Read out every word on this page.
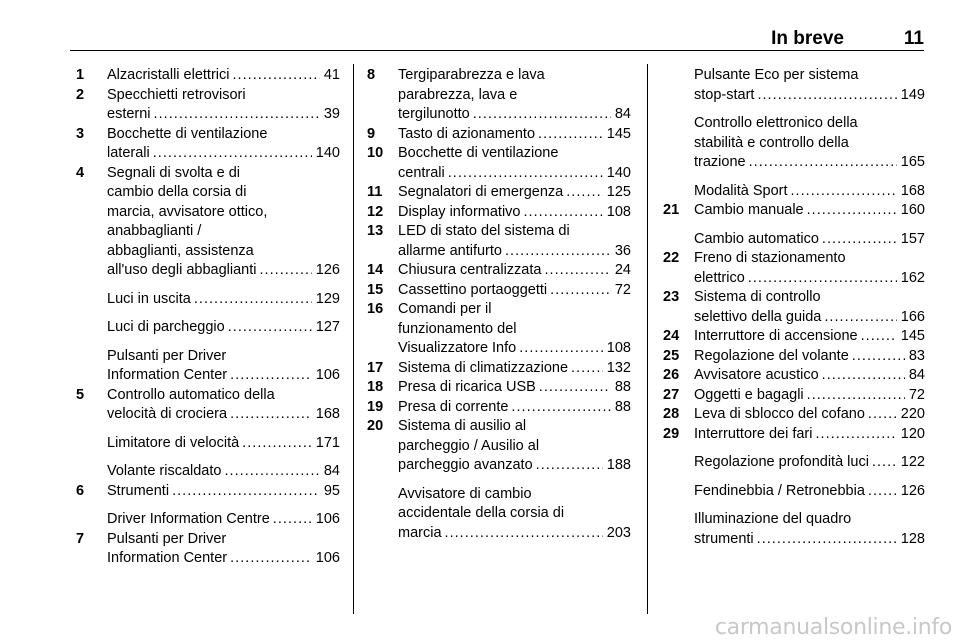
In breve	11
1 Alzacristalli elettrici . . .	41
2 Specchietti retrovisori
esterni . . .	39
3 Bocchette di ventilazione
laterali . . .	140
4 Segnali di svolta e di
cambio della corsia di
marcia, avvisatore ottico,
anabbaglianti /
abbaglianti, assistenza
all'uso degli abbaglianti . . .	126
Luci in uscita . . .	129
Luci di parcheggio . . .	127
Pulsanti per Driver
Information Center . . .	106
5 Controllo automatico della
velocità di crociera . . .	168
Limitatore di velocità . . .	171
Volante riscaldato . . .	84
6 Strumenti . . .	95
Driver Information Centre . . .	106
7 Pulsanti per Driver
Information Center . . .	106
8 Tergiparabrezza e lava
parabrezza, lava e
tergilunotto . . .	84
9 Tasto di azionamento . . .	145
10 Bocchette di ventilazione
centrali . . .	140
11 Segnalatori di emergenza . . .	125
12 Display informativo . . .	108
13 LED di stato del sistema di
allarme antifurto . . .	36
14 Chiusura centralizzata . . .	24
15 Cassettino portaoggetti . . .	72
16 Comandi per il
funzionamento del
Visualizzatore Info . . .	108
17 Sistema di climatizzazione . . .	132
18 Presa di ricarica USB . . .	88
19 Presa di corrente . . .	88
20 Sistema di ausilio al
parcheggio / Ausilio al
parcheggio avanzato . . .	188
Avvisatore di cambio
accidentale della corsia di
marcia . . .	203
Pulsante Eco per sistema
stop-start . . .	149
Controllo elettronico della
stabilità e controllo della
trazione . . .	165
Modalità Sport . . .	168
21 Cambio manuale . . .	160
Cambio automatico . . .	157
22 Freno di stazionamento
elettrico . . .	162
23 Sistema di controllo
selettivo della guida . . .	166
24 Interruttore di accensione . . .	145
25 Regolazione del volante . . .	83
26 Avvisatore acustico . . .	84
27 Oggetti e bagagli . . .	72
28 Leva di sblocco del cofano . . . 220
29 Interruttore dei fari . . .	120
Regolazione profondità luci . . . 122
Fendinebbia / Retronebbia . . . 126
Illuminazione del quadro
strumenti . . .	128
carmanualsonline.info
